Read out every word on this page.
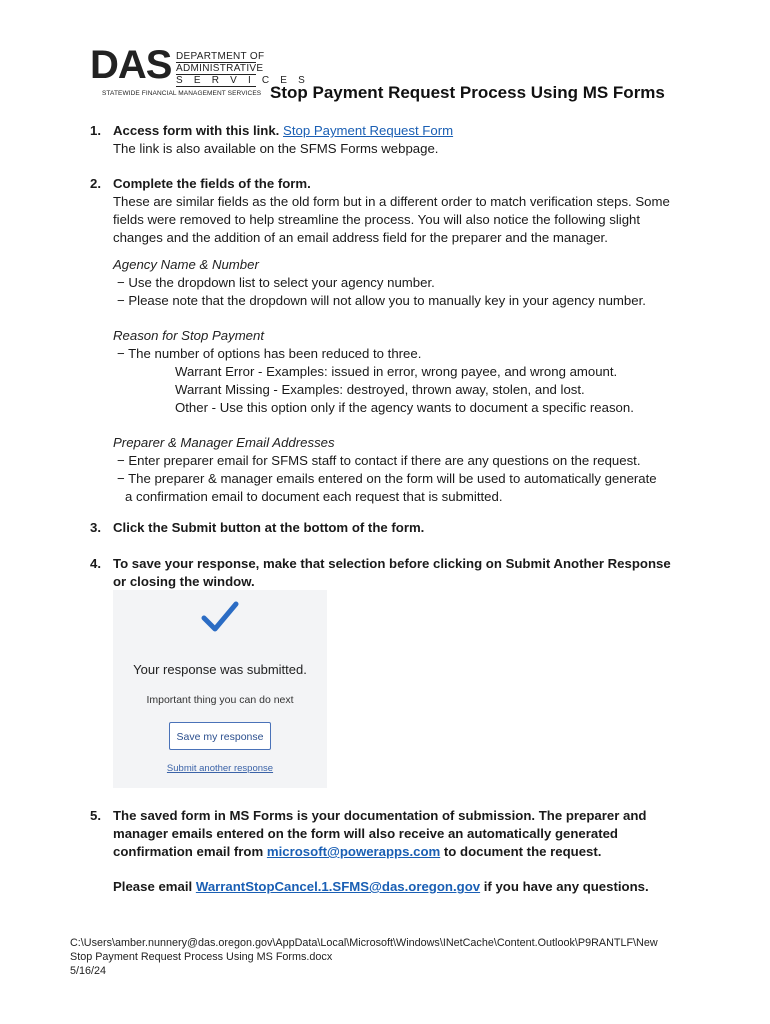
DAS DEPARTMENT OF
ADMINISTRATIVE
S E R V I C E S
STATEWIDE FINANCIAL MANAGEMENT SERVICES Stop Payment Request Process Using MS Forms
1. Access form with this link. Stop Payment Request Form
The link is also available on the SFMS Forms webpage.
2. Complete the fields of the form.
These are similar fields as the old form but in a different order to match verification steps. Some
fields were removed to help streamline the process. You will also notice the following slight
changes and the addition of an email address field for the preparer and the manager.
Agency Name & Number
− Use the dropdown list to select your agency number.
− Please note that the dropdown will not allow you to manually key in your agency number.
Reason for Stop Payment
− The number of options has been reduced to three.
Warrant Error - Examples: issued in error, wrong payee, and wrong amount.
Warrant Missing - Examples: destroyed, thrown away, stolen, and lost.
Other - Use this option only if the agency wants to document a specific reason.
Preparer & Manager Email Addresses
− Enter preparer email for SFMS staff to contact if there are any questions on the request.
− The preparer & manager emails entered on the form will be used to automatically generate
a confirmation email to document each request that is submitted.
3. Click the Submit button at the bottom of the form.
4. To save your response, make that selection before clicking on Submit Another Response
or closing the window.
Your response was submitted.
Important thing you can do next
Save my response
Submit another response
5. The saved form in MS Forms is your documentation of submission. The preparer and
manager emails entered on the form will also receive an automatically generated
confirmation email from microsoft@powerapps.com to document the request.
Please email WarrantStopCancel.1.SFMS@das.oregon.gov if you have any questions.
C:\Users\amber.nunnery@das.oregon.gov\AppData\Local\Microsoft\Windows\INetCache\Content.Outlook\P9RANTLF\New
Stop Payment Request Process Using MS Forms.docx
5/16/24
